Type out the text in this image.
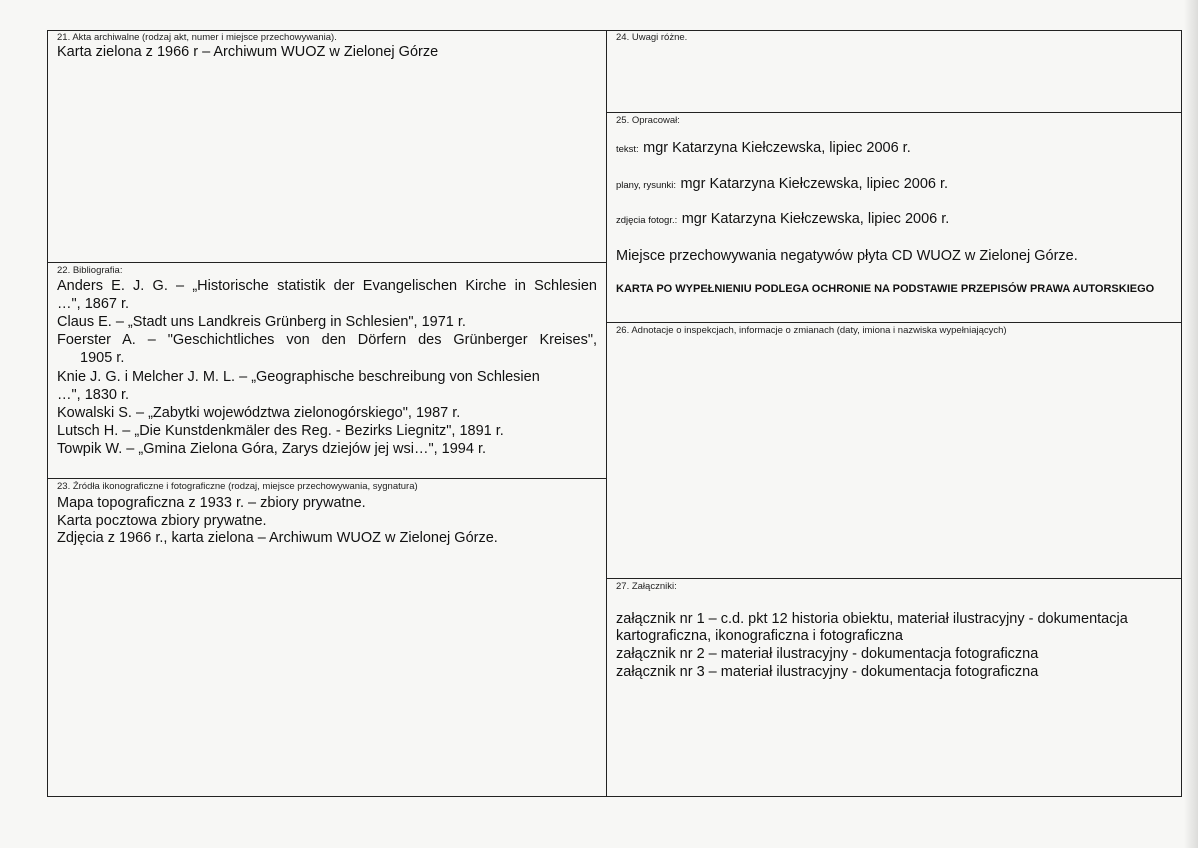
21. Akta archiwalne (rodzaj akt, numer i miejsce przechowywania).
Karta zielona z 1966 r – Archiwum WUOZ w Zielonej Górze
22. Bibliografia:
Anders E. J. G. – „Historische statistik der Evangelischen Kirche in Schlesien
…", 1867 r.
Claus E. – „Stadt uns Landkreis Grünberg in Schlesien", 1971 r.
Foerster A. – "Geschichtliches von den Dörfern des Grünberger Kreises",
1905 r.
Knie J. G. i Melcher J. M. L. – „Geographische beschreibung von Schlesien
…", 1830 r.
Kowalski S. – „Zabytki województwa zielonogórskiego", 1987 r.
Lutsch H. – „Die Kunstdenkmäler des Reg. - Bezirks Liegnitz", 1891 r.
Towpik W. – „Gmina Zielona Góra, Zarys dziejów jej wsi…", 1994 r.
23. Źródła ikonograficzne i fotograficzne (rodzaj, miejsce przechowywania, sygnatura)
Mapa topograficzna z 1933 r. – zbiory prywatne.
Karta pocztowa zbiory prywatne.
Zdjęcia z 1966 r., karta zielona – Archiwum WUOZ w Zielonej Górze.
24. Uwagi różne.
25. Opracował:
tekst: mgr Katarzyna Kiełczewska, lipiec 2006 r.
plany, rysunki: mgr Katarzyna Kiełczewska, lipiec 2006 r.
zdjęcia fotogr.: mgr Katarzyna Kiełczewska, lipiec 2006 r.
Miejsce przechowywania negatywów płyta CD WUOZ w Zielonej Górze.
KARTA PO WYPEŁNIENIU PODLEGA OCHRONIE NA PODSTAWIE PRZEPISÓW PRAWA AUTORSKIEGO
26. Adnotacje o inspekcjach, informacje o zmianach (daty, imiona i nazwiska wypełniających)
27. Załączniki:
załącznik nr 1 – c.d. pkt 12 historia obiektu, materiał ilustracyjny - dokumentacja
kartograficzna, ikonograficzna i fotograficzna
załącznik nr 2 – materiał ilustracyjny - dokumentacja fotograficzna
załącznik nr 3 – materiał ilustracyjny - dokumentacja fotograficzna
